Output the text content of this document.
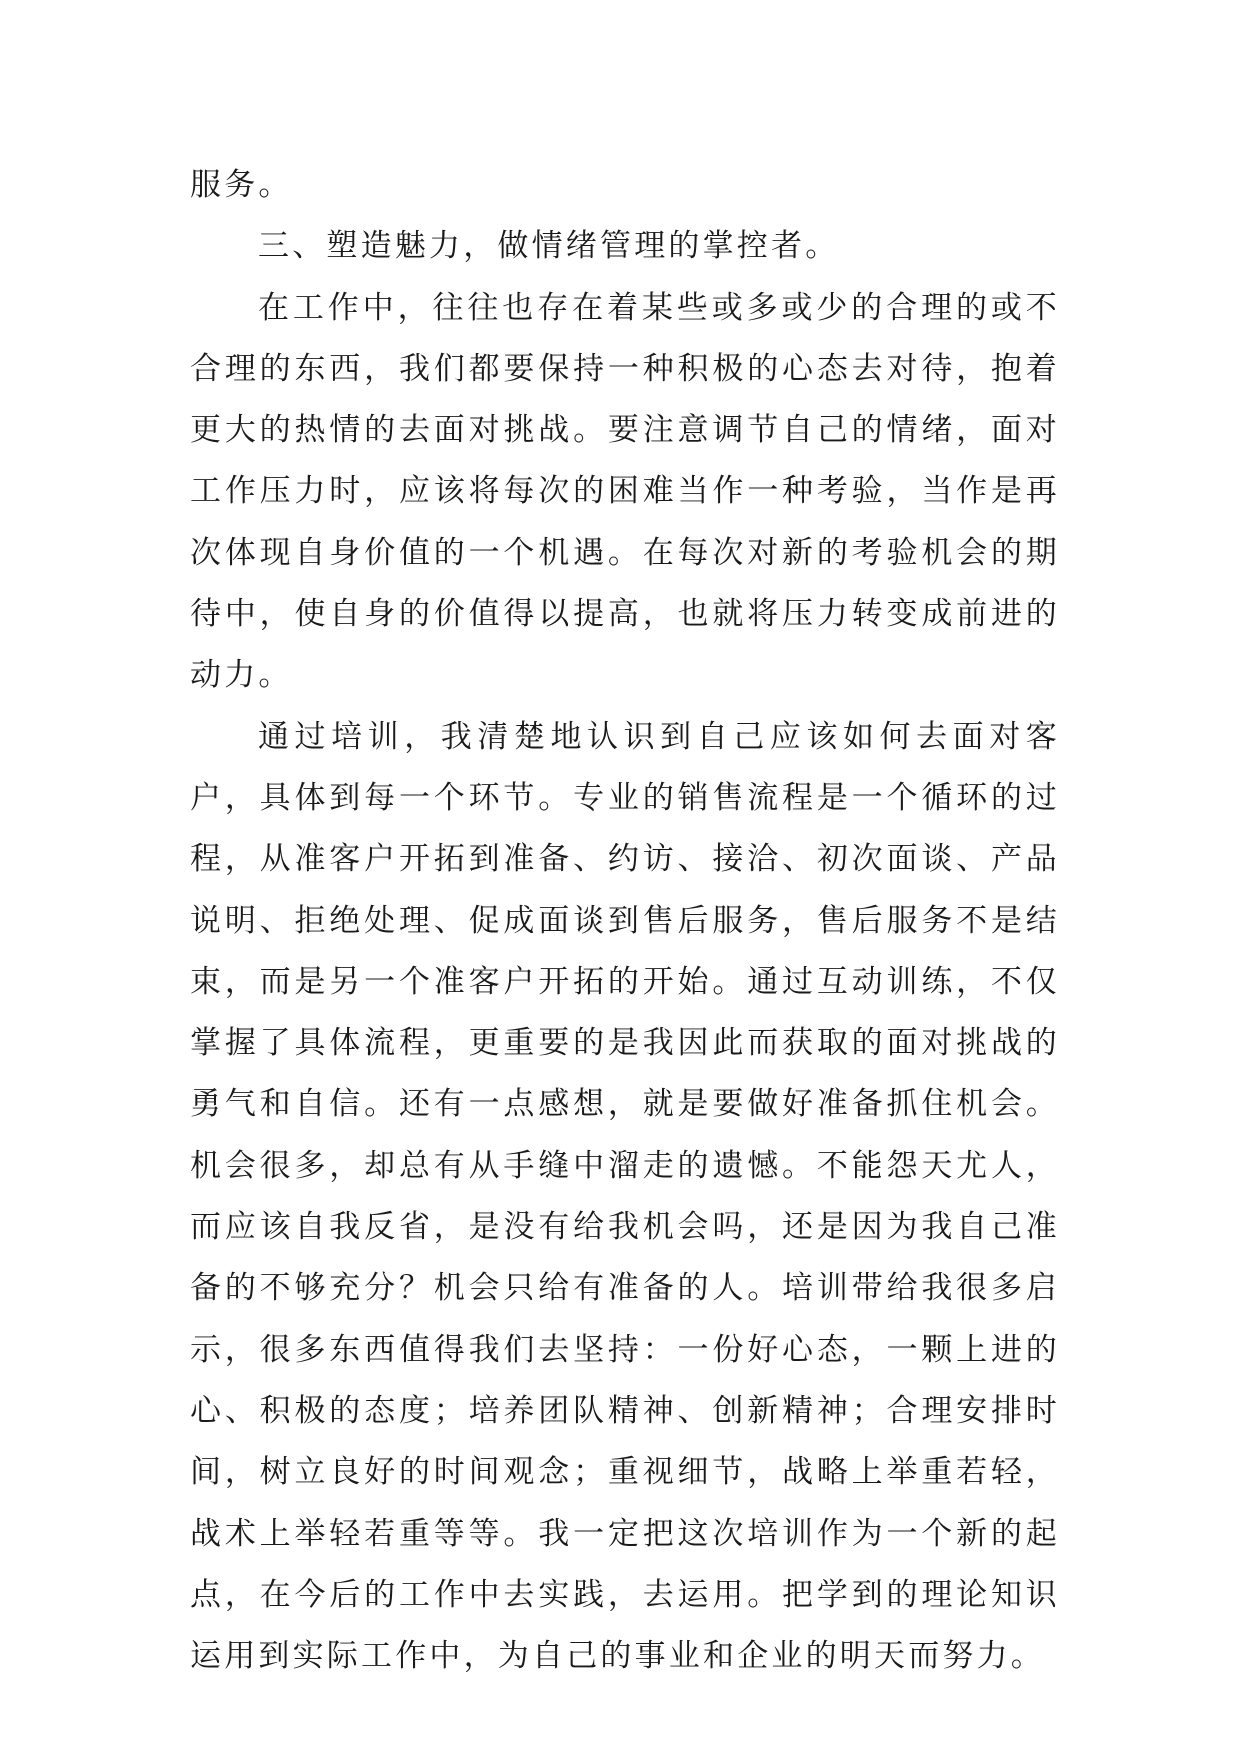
服务。

三、塑造魅力，做情绪管理的掌控者。

在工作中，往往也存在着某些或多或少的合理的或不合理的东西，我们都要保持一种积极的心态去对待，抱着更大的热情的去面对挑战。要注意调节自己的情绪，面对工作压力时，应该将每次的困难当作一种考验，当作是再次体现自身价值的一个机遇。在每次对新的考验机会的期待中，使自身的价值得以提高，也就将压力转变成前进的动力。

通过培训，我清楚地认识到自己应该如何去面对客户，具体到每一个环节。专业的销售流程是一个循环的过程，从准客户开拓到准备、约访、接洽、初次面谈、产品说明、拒绝处理、促成面谈到售后服务，售后服务不是结束，而是另一个准客户开拓的开始。通过互动训练，不仅掌握了具体流程，更重要的是我因此而获取的面对挑战的勇气和自信。还有一点感想，就是要做好准备抓住机会。机会很多，却总有从手缝中溜走的遗憾。不能怨天尤人，而应该自我反省，是没有给我机会吗，还是因为我自己准备的不够充分？机会只给有准备的人。培训带给我很多启示，很多东西值得我们去坚持：一份好心态，一颗上进的心、积极的态度；培养团队精神、创新精神；合理安排时间，树立良好的时间观念；重视细节，战略上举重若轻，战术上举轻若重等等。我一定把这次培训作为一个新的起点，在今后的工作中去实践，去运用。把学到的理论知识运用到实际工作中，为自己的事业和企业的明天而努力。
